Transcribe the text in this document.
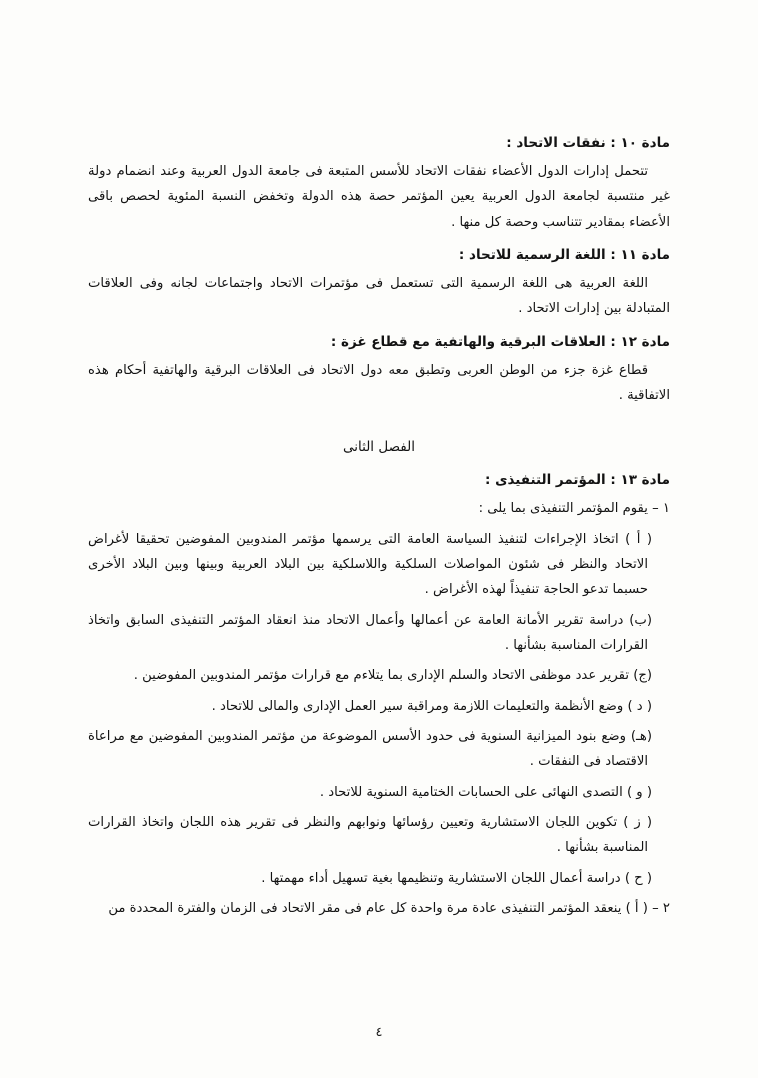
مادة ١٠ : نفقات الاتحاد :

تتحمل إدارات الدول الأعضاء نفقات الاتحاد للأسس المتبعة فى جامعة الدول العربية وعند انضمام دولة غير منتسبة لجامعة الدول العربية يعين المؤتمر حصة هذه الدولة وتخفض النسبة المئوية لحصص باقى الأعضاء بمقادير تتناسب وحصة كل منها .

مادة ١١ : اللغة الرسمية للاتحاد :

اللغة العربية هى اللغة الرسمية التى تستعمل فى مؤتمرات الاتحاد واجتماعات لجانه وفى العلاقات المتبادلة بين إدارات الاتحاد .

مادة ١٢ : العلاقات البرقية والهاتفية مع قطاع غزة :

قطاع غزة جزء من الوطن العربى وتطبق معه دول الاتحاد فى العلاقات البرقية والهاتفية أحكام هذه الاتفاقية .

الفصل الثانى

مادة ١٣ : المؤتمر التنفيذى :

١ – يقوم المؤتمر التنفيذى بما يلى :

( أ ) اتخاذ الإجراءات لتنفيذ السياسة العامة التى يرسمها مؤتمر المندوبين المفوضين تحقيقا لأغراض الاتحاد والنظر فى شئون المواصلات السلكية واللاسلكية بين البلاد العربية وبينها وبين البلاد الأخرى حسبما تدعو الحاجة تنفيذاً لهذه الأغراض .

(ب) دراسة تقرير الأمانة العامة عن أعمالها وأعمال الاتحاد منذ انعقاد المؤتمر التنفيذى السابق واتخاذ القرارات المناسبة بشأنها .

(ج) تقرير عدد موظفى الاتحاد والسلم الإدارى بما يتلاءم مع قرارات مؤتمر المندوبين المفوضين .

( د ) وضع الأنظمة والتعليمات اللازمة ومراقبة سير العمل الإدارى والمالى للاتحاد .

(هـ) وضع بنود الميزانية السنوية فى حدود الأسس الموضوعة من مؤتمر المندوبين المفوضين مع مراعاة الاقتصاد فى النفقات .

( و ) التصدى النهائى على الحسابات الختامية السنوية للاتحاد .

( ز ) تكوين اللجان الاستشارية وتعيين رؤسائها ونوابهم والنظر فى تقرير هذه اللجان واتخاذ القرارات المناسبة بشأنها .

( ح ) دراسة أعمال اللجان الاستشارية وتنظيمها بغية تسهيل أداء مهمتها .

٢ – ( أ ) ينعقد المؤتمر التنفيذى عادة مرة واحدة كل عام فى مقر الاتحاد فى الزمان والفترة المحددة من

٤
